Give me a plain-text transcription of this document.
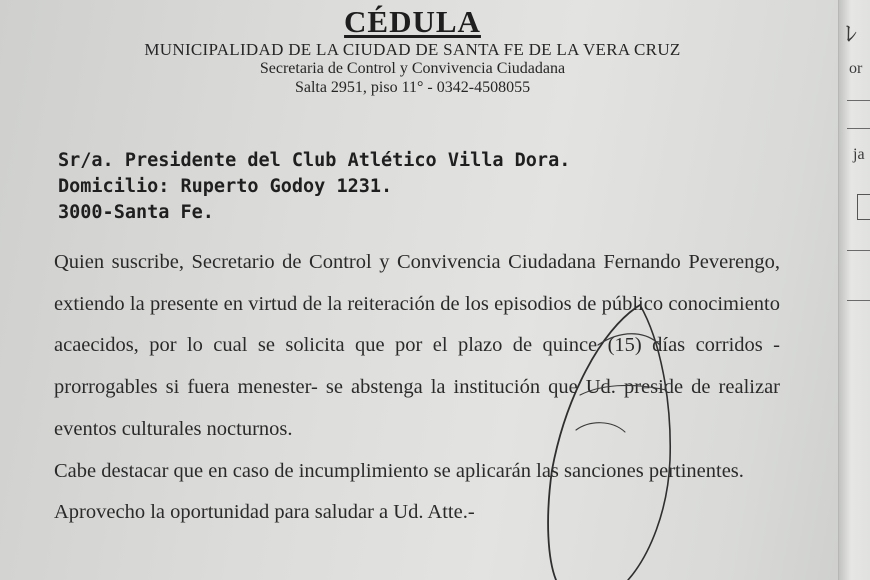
CÉDULA
MUNICIPALIDAD DE LA CIUDAD DE SANTA FE DE LA VERA CRUZ
Secretaria de Control y Convivencia Ciudadana
Salta 2951, piso 11° - 0342-4508055
Sr/a. Presidente del Club Atlético Villa Dora.
Domicilio: Ruperto Godoy 1231.
3000-Santa Fe.

Quien suscribe, Secretario de Control y Convivencia Ciudadana Fernando Peverengo, extiendo la presente en virtud de la reiteración de los episodios de público conocimiento acaecidos, por lo cual se solicita que por el plazo de quince (15) días corridos -prorrogables si fuera menester- se abstenga la institución que Ud. preside de realizar eventos culturales nocturnos.

Cabe destacar que en caso de incumplimiento se aplicarán las sanciones pertinentes.

Aprovecho la oportunidad para saludar a Ud. Atte.-

ﾚ
or
ja
